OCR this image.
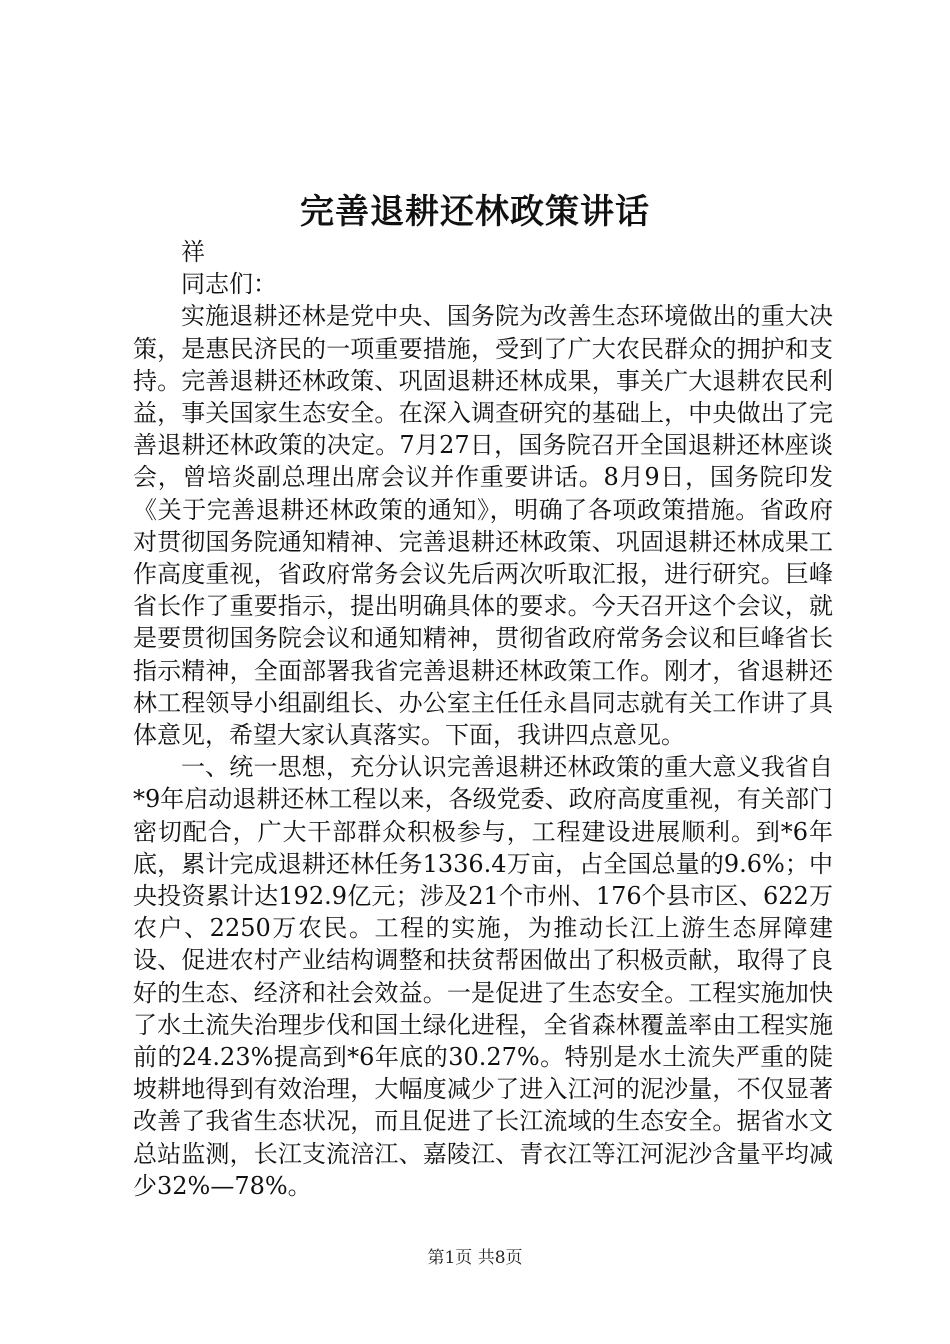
完善退耕还林政策讲话

祥

同志们：

实施退耕还林是党中央、国务院为改善生态环境做出的重大决策，是惠民济民的一项重要措施，受到了广大农民群众的拥护和支持。完善退耕还林政策、巩固退耕还林成果，事关广大退耕农民利益，事关国家生态安全。在深入调查研究的基础上，中央做出了完善退耕还林政策的决定。7月27日，国务院召开全国退耕还林座谈会，曾培炎副总理出席会议并作重要讲话。8月9日，国务院印发《关于完善退耕还林政策的通知》，明确了各项政策措施。省政府对贯彻国务院通知精神、完善退耕还林政策、巩固退耕还林成果工作高度重视，省政府常务会议先后两次听取汇报，进行研究。巨峰省长作了重要指示，提出明确具体的要求。今天召开这个会议，就是要贯彻国务院会议和通知精神，贯彻省政府常务会议和巨峰省长指示精神，全面部署我省完善退耕还林政策工作。刚才，省退耕还林工程领导小组副组长、办公室主任任永昌同志就有关工作讲了具体意见，希望大家认真落实。下面，我讲四点意见。

一、统一思想，充分认识完善退耕还林政策的重大意义我省自*9年启动退耕还林工程以来，各级党委、政府高度重视，有关部门密切配合，广大干部群众积极参与，工程建设进展顺利。到*6年底，累计完成退耕还林任务1336.4万亩，占全国总量的9.6%；中央投资累计达192.9亿元；涉及21个市州、176个县市区、622万农户、2250万农民。工程的实施，为推动长江上游生态屏障建设、促进农村产业结构调整和扶贫帮困做出了积极贡献，取得了良好的生态、经济和社会效益。一是促进了生态安全。工程实施加快了水土流失治理步伐和国土绿化进程，全省森林覆盖率由工程实施前的24.23%提高到*6年底的30.27%。特别是水土流失严重的陡坡耕地得到有效治理，大幅度减少了进入江河的泥沙量，不仅显著改善了我省生态状况，而且促进了长江流域的生态安全。据省水文总站监测，长江支流涪江、嘉陵江、青衣江等江河泥沙含量平均减少32%—78%。

第1页 共8页
